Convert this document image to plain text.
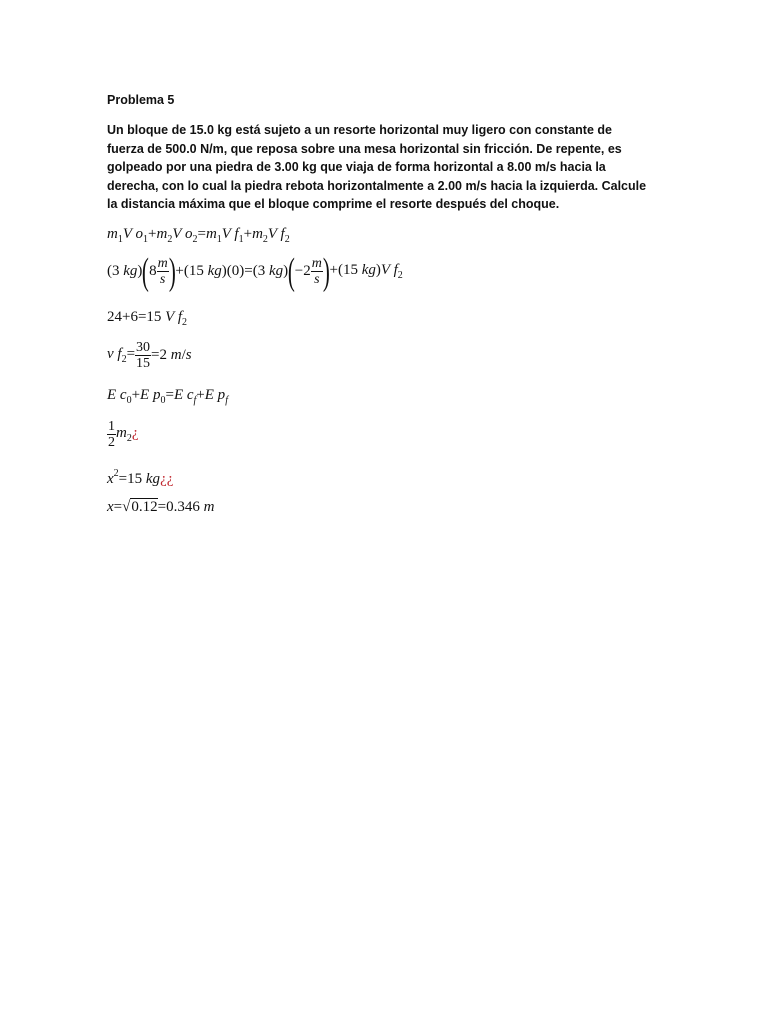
Problema 5
Un bloque de 15.0 kg está sujeto a un resorte horizontal muy ligero con constante de fuerza de 500.0 N/m, que reposa sobre una mesa horizontal sin fricción. De repente, es golpeado por una piedra de 3.00 kg que viaja de forma horizontal a 8.00 m/s hacia la derecha, con lo cual la piedra rebota horizontalmente a 2.00 m/s hacia la izquierda. Calcule la distancia máxima que el bloque comprime el resorte después del choque.
$m_1V$ $o_1+m_2V$ $o_2=m_1V$ $f_1+m_2V$ $f_2$
(3 $kg)(8 \frac{m}{s} )+(15$ kg)(0)=(3 $kg)(-2 \frac{m}{s} )+(15$ kg)V $f_2$
24+6=15 V $f_2$
v $f_2= \frac{30}{15} =2$ m/s
E $c_0+E$ $p_0=E$ $c_f+E$ $p_f$
$\frac{1}{2}$ $m_2¿$
$x^2=15$ kg¿¿
x=√0.12=0.346 m
